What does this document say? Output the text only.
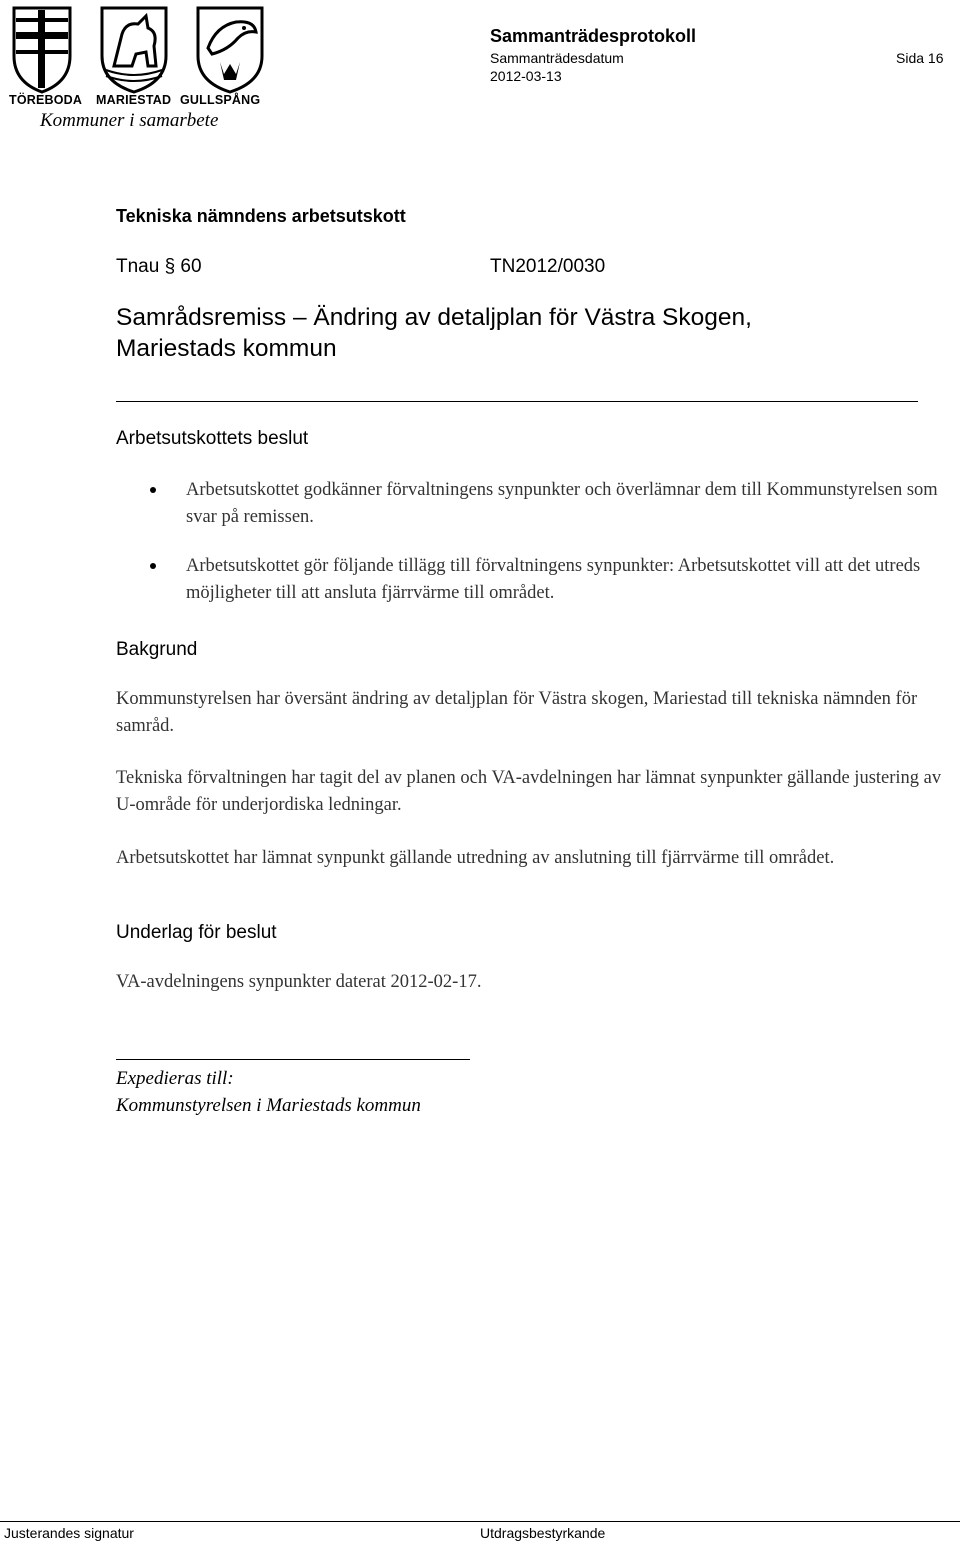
TÖREBODA MARIESTAD GULLSPÅNG
Kommuner i samarbete
Sammanträdesprotokoll
Sammanträdesdatum
2012-03-13
Sida 16
Tekniska nämndens arbetsutskott
Tnau § 60	TN2012/0030
Samrådsremiss – Ändring av detaljplan för Västra Skogen, Mariestads kommun
Arbetsutskottets beslut
Arbetsutskottet godkänner förvaltningens synpunkter och överlämnar dem till Kommunstyrelsen som svar på remissen.
Arbetsutskottet gör följande tillägg till förvaltningens synpunkter: Arbetsutskottet vill att det utreds möjligheter till att ansluta fjärrvärme till området.
Bakgrund

Kommunstyrelsen har översänt ändring av detaljplan för Västra skogen, Mariestad till tekniska nämnden för samråd.

Tekniska förvaltningen har tagit del av planen och VA-avdelningen har lämnat synpunkter gällande justering av U-område för underjordiska ledningar.

Arbetsutskottet har lämnat synpunkt gällande utredning av anslutning till fjärrvärme till området.

Underlag för beslut

VA-avdelningens synpunkter daterat 2012-02-17.

Expedieras till:
Kommunstyrelsen i Mariestads kommun
Justerandes signatur	Utdragsbestyrkande
